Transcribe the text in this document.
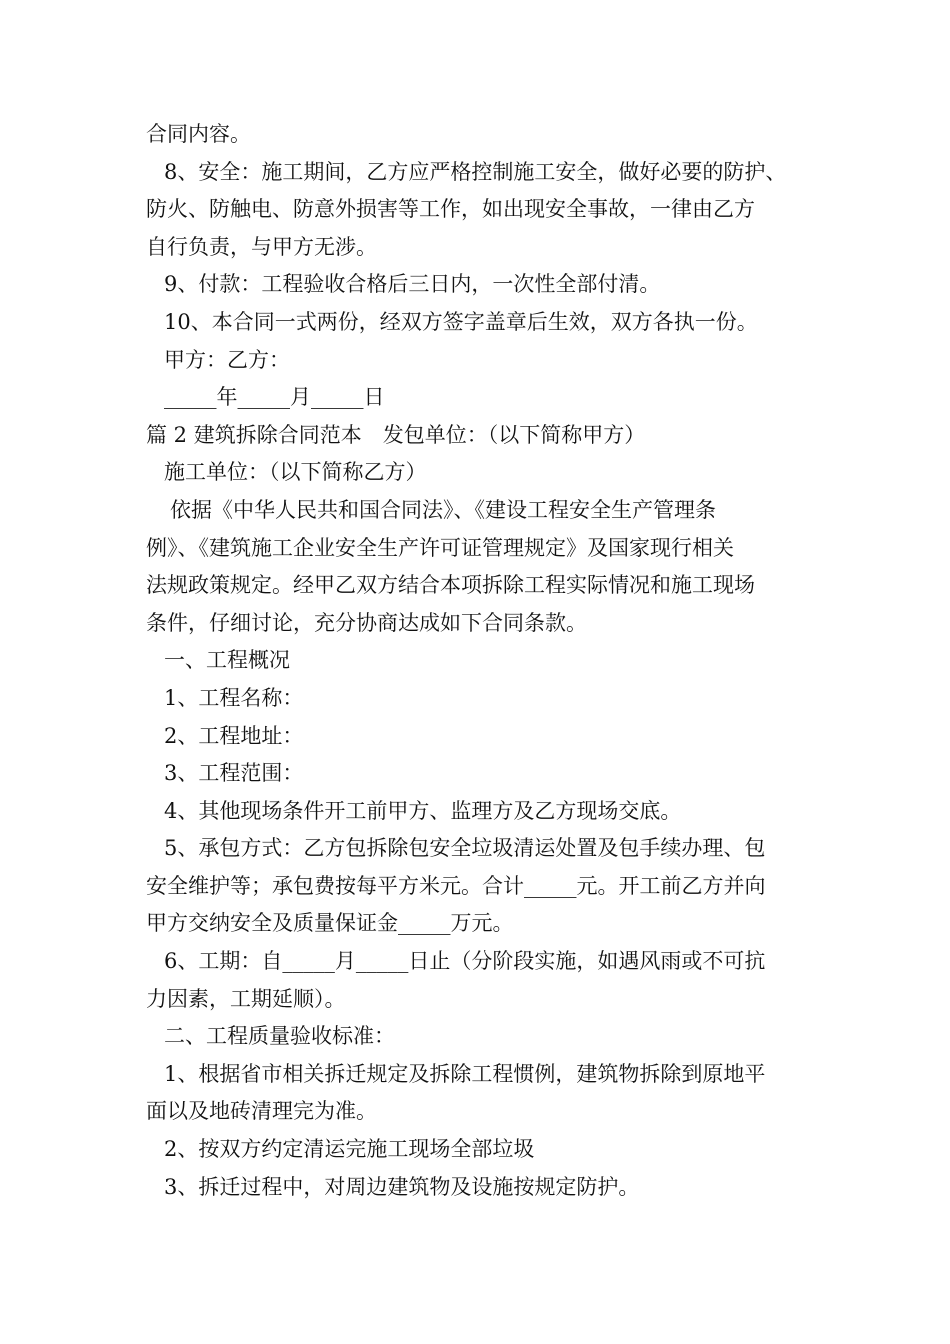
合同内容。
8、安全：施工期间，乙方应严格控制施工安全，做好必要的防护、
防火、防触电、防意外损害等工作，如出现安全事故，一律由乙方
自行负责，与甲方无涉。
9、付款：工程验收合格后三日内，一次性全部付清。
10、本合同一式两份，经双方签字盖章后生效，双方各执一份。
甲方：乙方：
_____年_____月_____日
篇 2 建筑拆除合同范本　发包单位：（以下简称甲方）
施工单位：（以下简称乙方）
依据《中华人民共和国合同法》、《建设工程安全生产管理条
例》、《建筑施工企业安全生产许可证管理规定》及国家现行相关
法规政策规定。经甲乙双方结合本项拆除工程实际情况和施工现场
条件，仔细讨论，充分协商达成如下合同条款。
一、工程概况
1、工程名称：
2、工程地址：
3、工程范围：
4、其他现场条件开工前甲方、监理方及乙方现场交底。
5、承包方式：乙方包拆除包安全垃圾清运处置及包手续办理、包
安全维护等；承包费按每平方米元。合计_____元。开工前乙方并向
甲方交纳安全及质量保证金_____万元。
6、工期：自_____月_____日止（分阶段实施，如遇风雨或不可抗
力因素，工期延顺）。
二、工程质量验收标准：
1、根据省市相关拆迁规定及拆除工程惯例，建筑物拆除到原地平
面以及地砖清理完为准。
2、按双方约定清运完施工现场全部垃圾
3、拆迁过程中，对周边建筑物及设施按规定防护。
